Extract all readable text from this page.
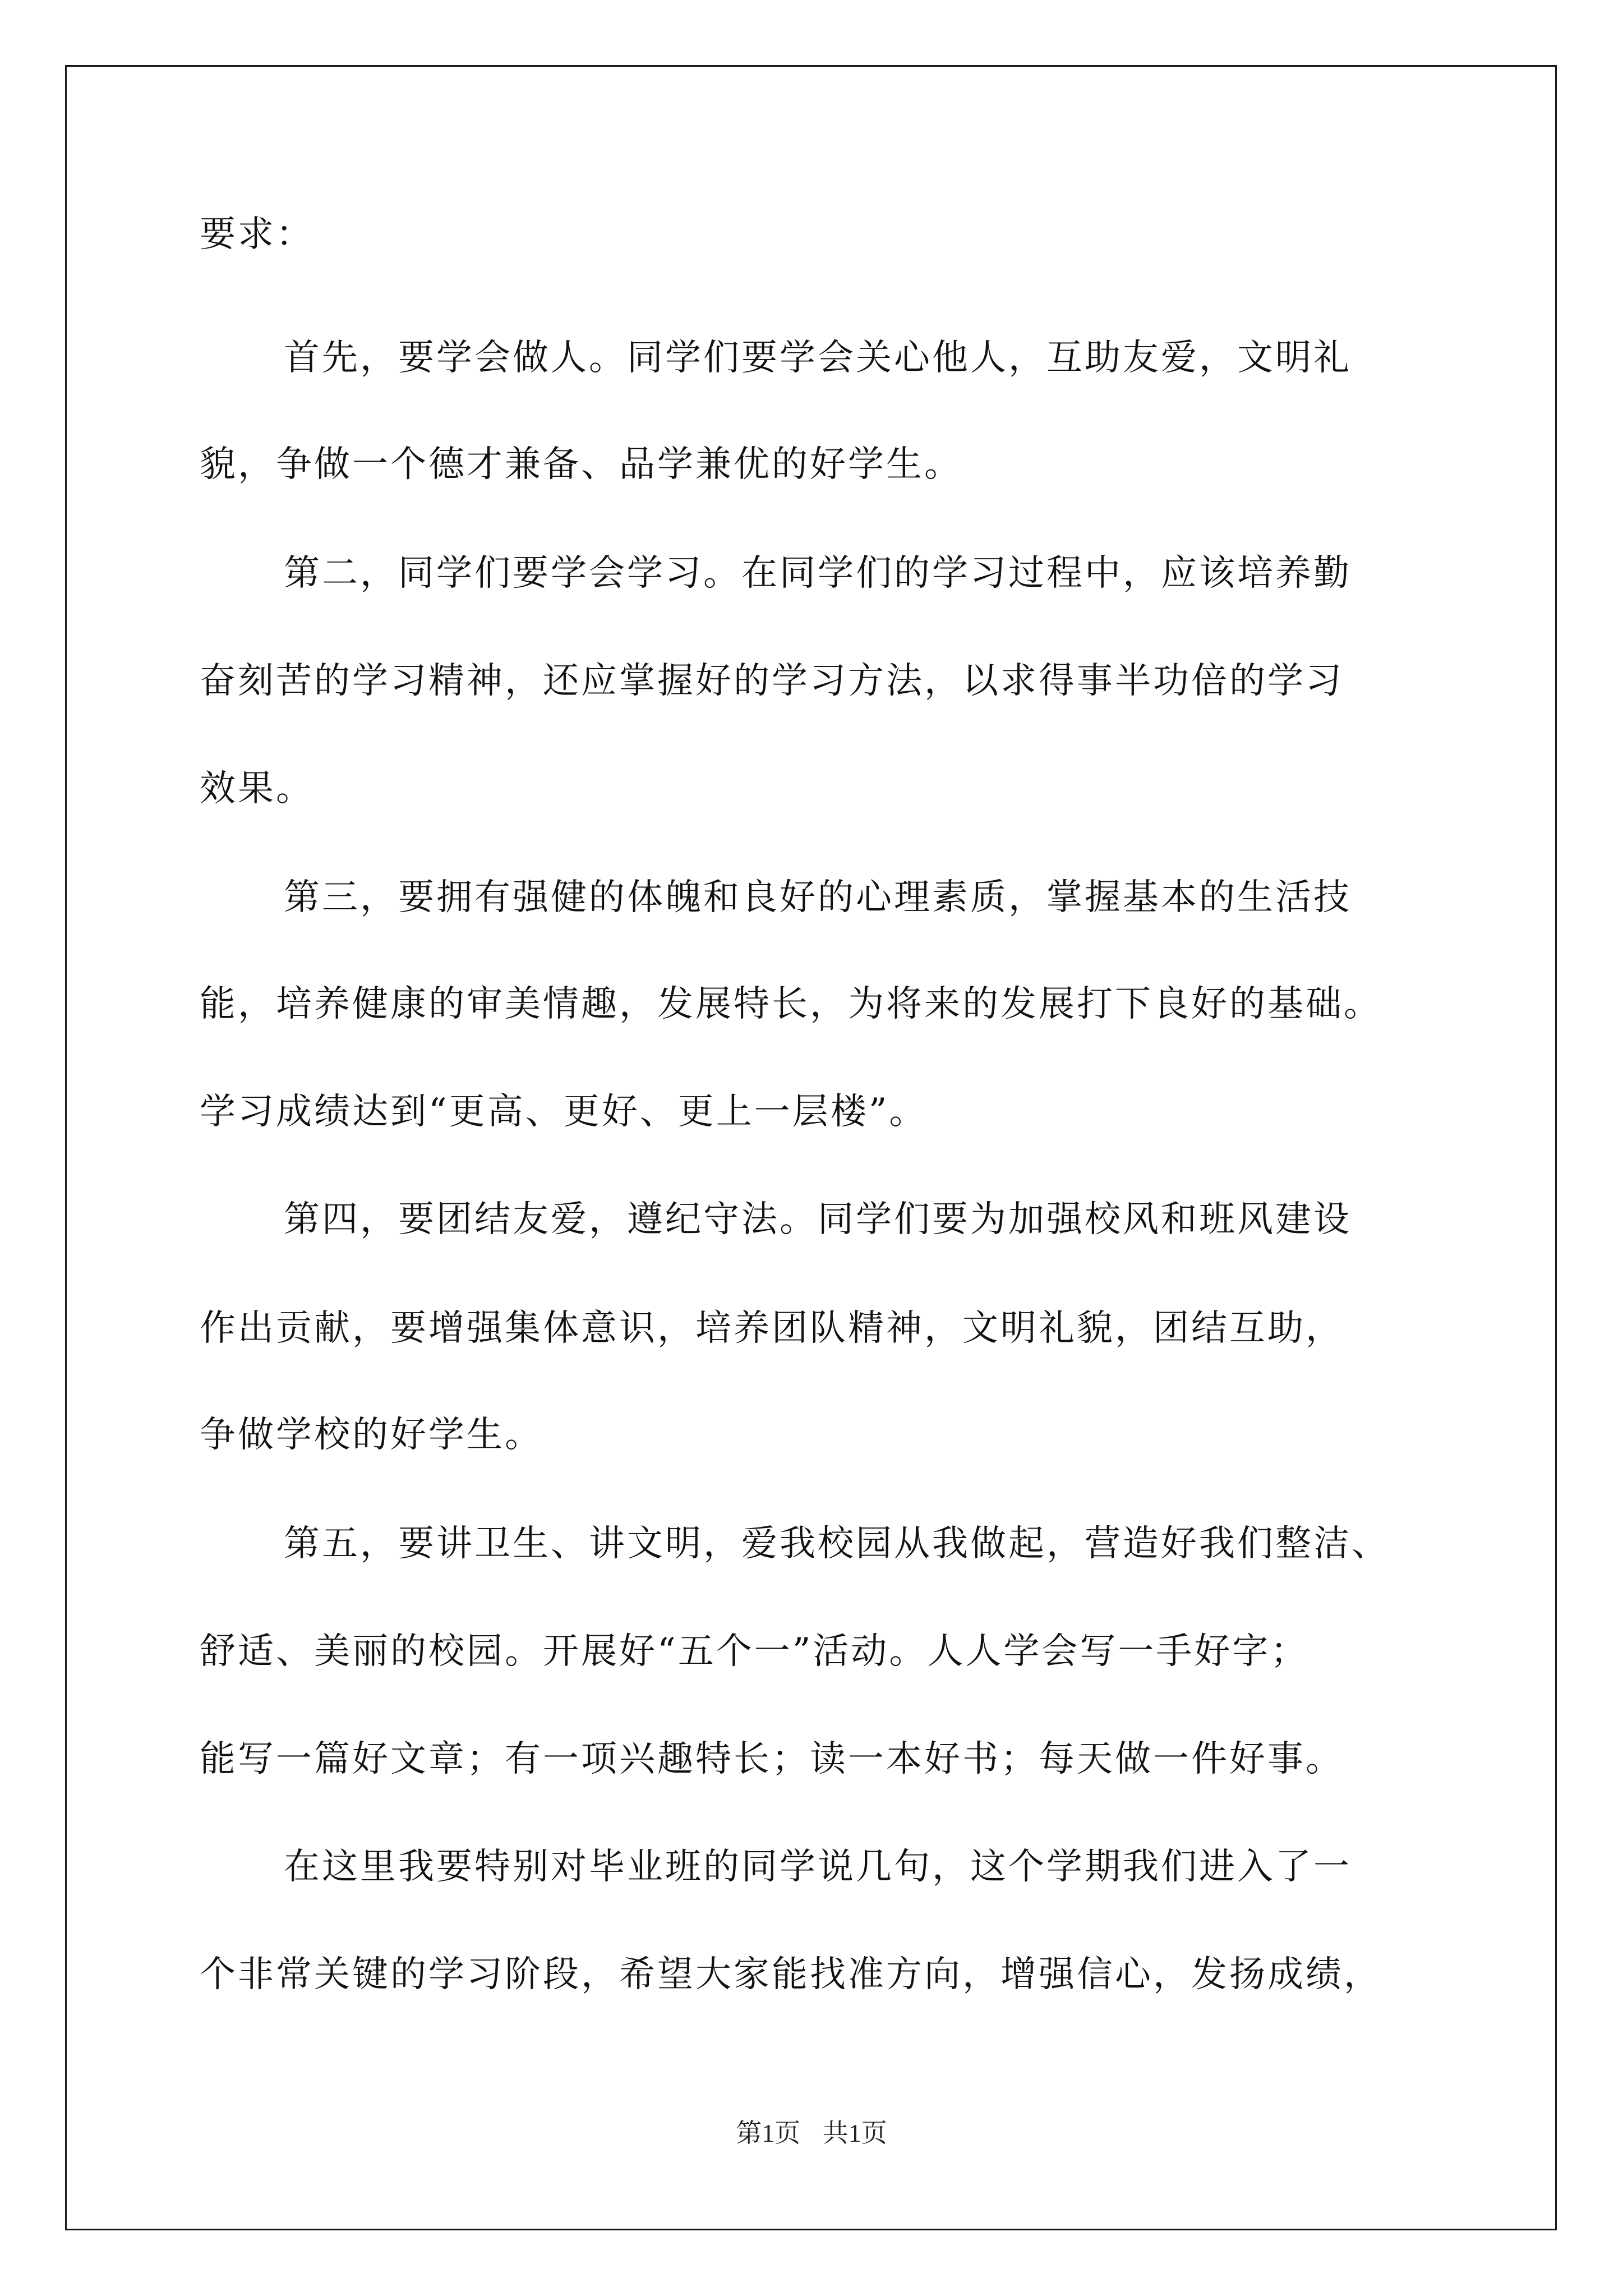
要求：
首先，要学会做人。同学们要学会关心他人，互助友爱，文明礼
貌，争做一个德才兼备、品学兼优的好学生。
第二，同学们要学会学习。在同学们的学习过程中，应该培养勤
奋刻苦的学习精神，还应掌握好的学习方法，以求得事半功倍的学习
效果。
第三，要拥有强健的体魄和良好的心理素质，掌握基本的生活技
能，培养健康的审美情趣，发展特长，为将来的发展打下良好的基础。
学习成绩达到“更高、更好、更上一层楼”。
第四，要团结友爱，遵纪守法。同学们要为加强校风和班风建设
作出贡献，要增强集体意识，培养团队精神，文明礼貌，团结互助，
争做学校的好学生。
第五，要讲卫生、讲文明，爱我校园从我做起，营造好我们整洁、
舒适、美丽的校园。开展好“五个一”活动。人人学会写一手好字；
能写一篇好文章；有一项兴趣特长；读一本好书；每天做一件好事。
在这里我要特别对毕业班的同学说几句，这个学期我们进入了一
个非常关键的学习阶段，希望大家能找准方向，增强信心，发扬成绩，
第1页 共1页
